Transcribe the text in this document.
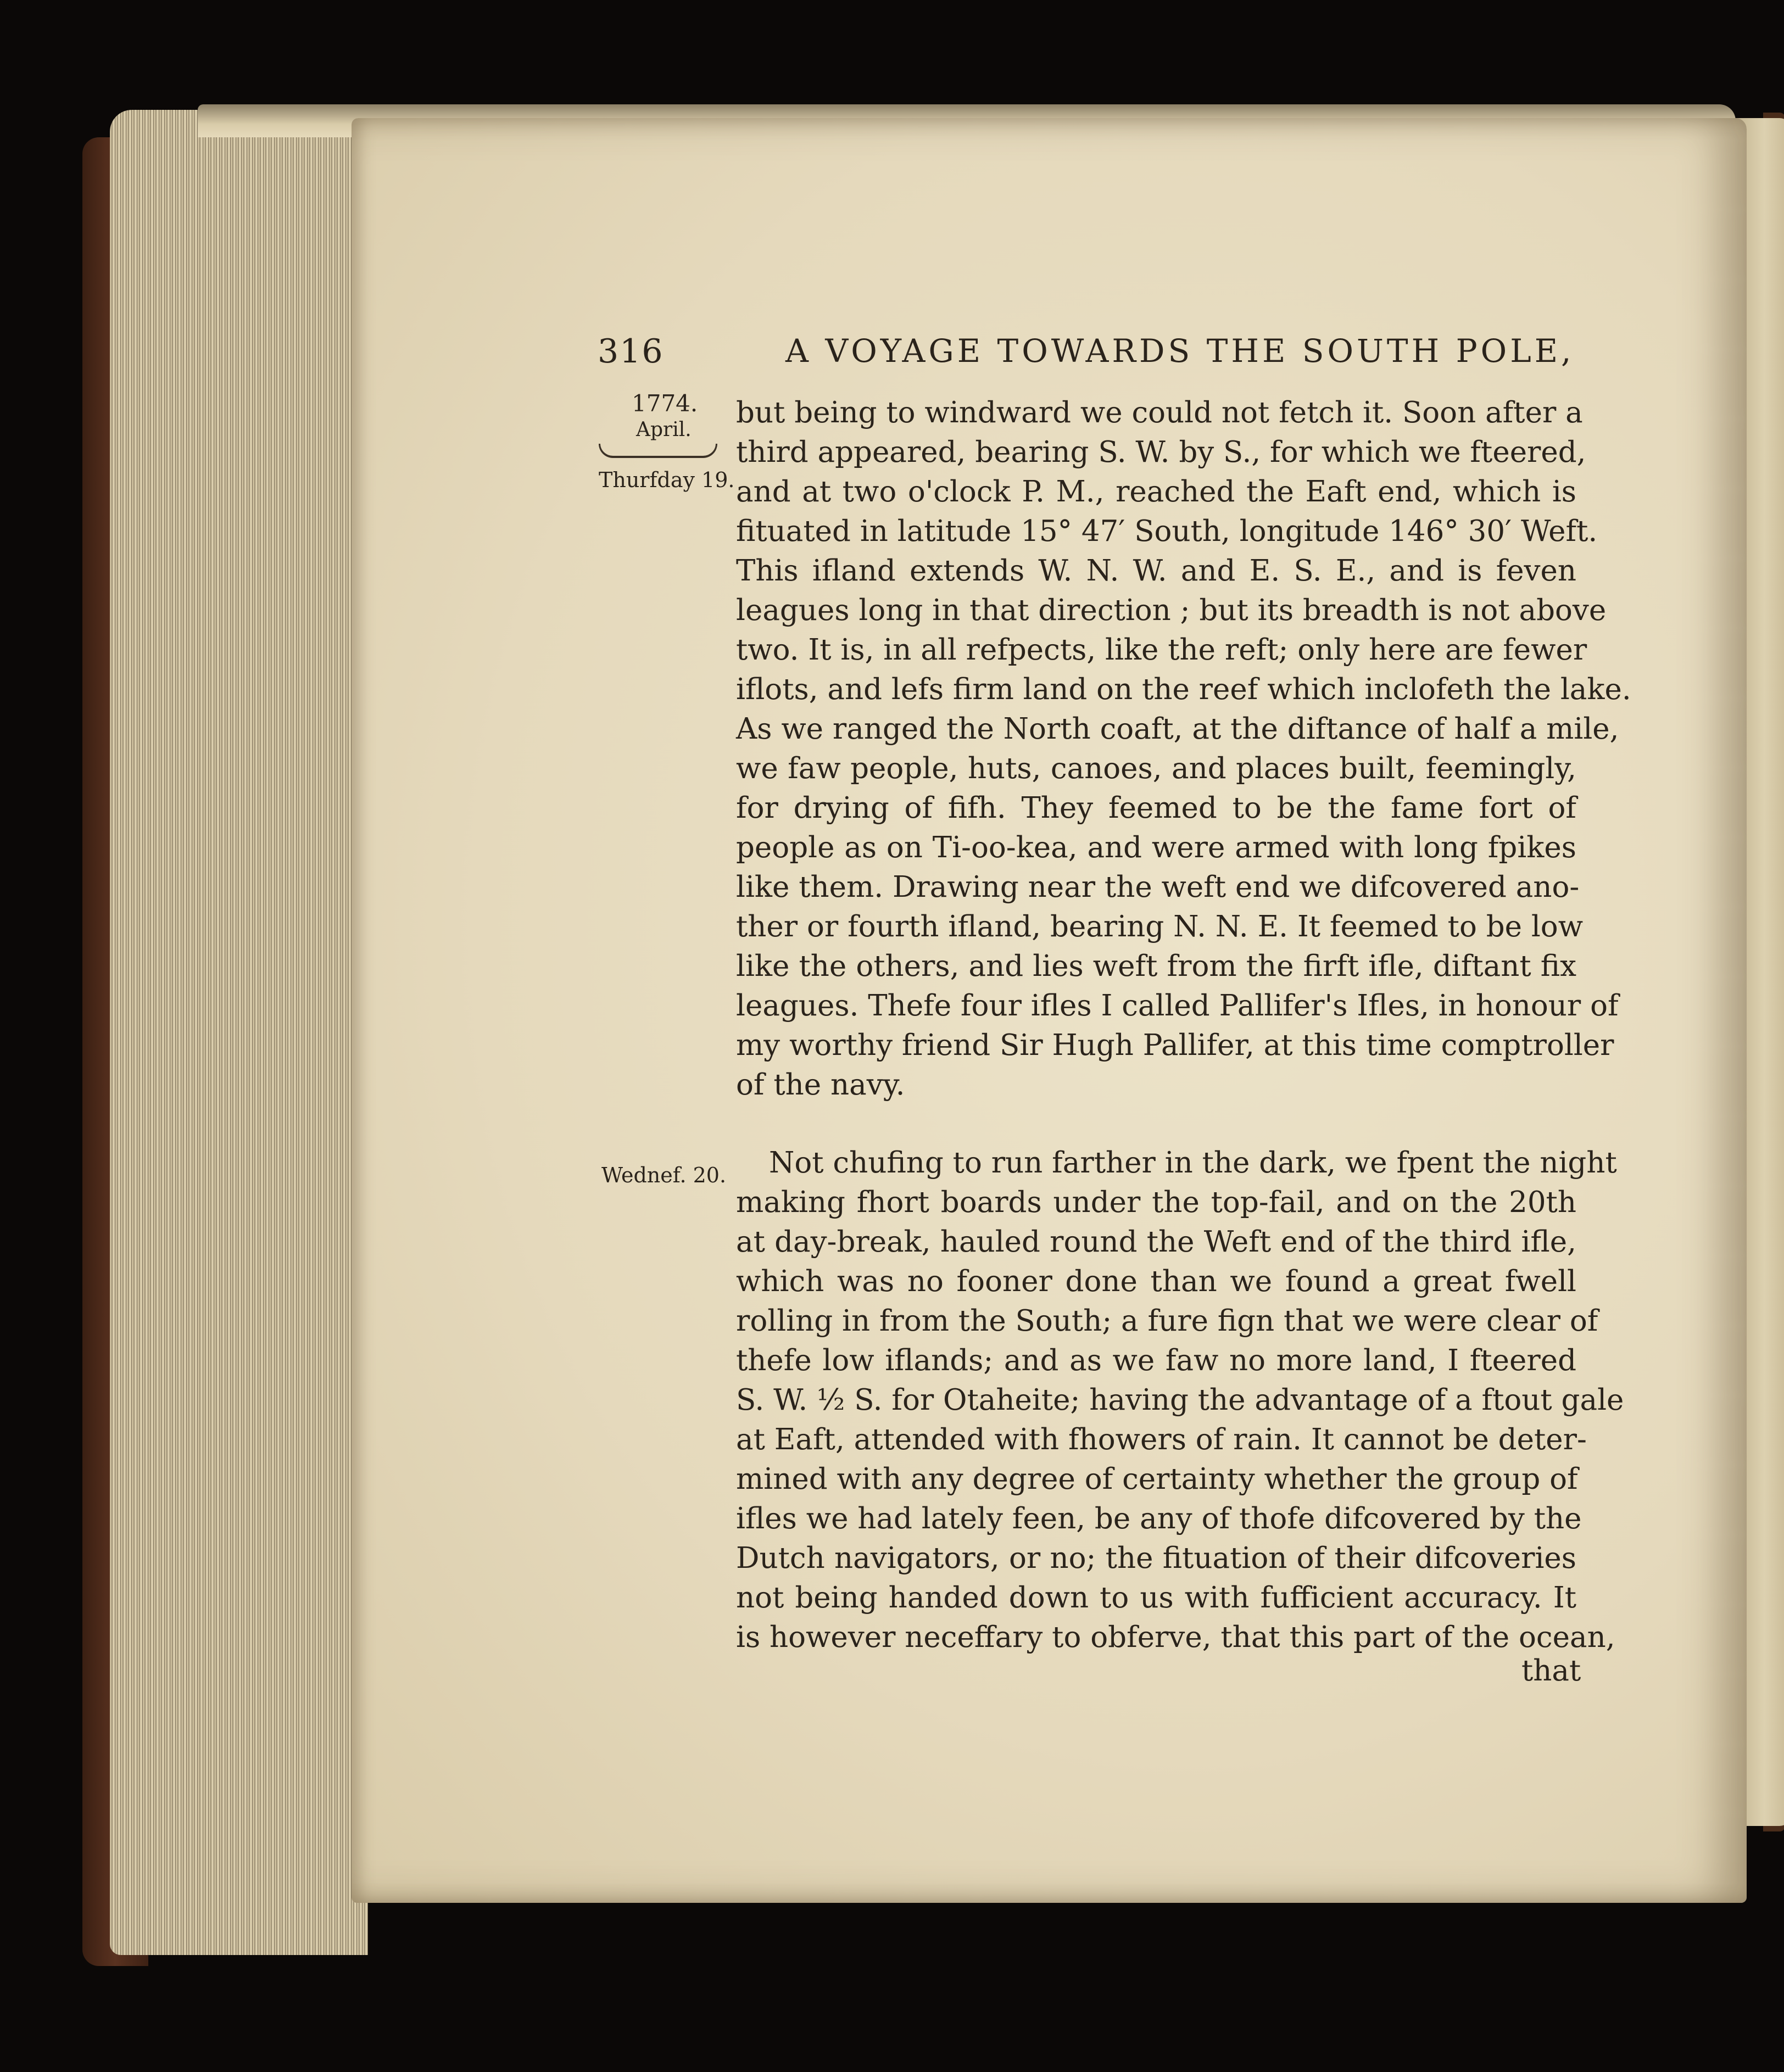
316	A VOYAGE TOWARDS THE SOUTH POLE,
1774.
April.
Thurfday 19.
Wednef. 20.
but being to windward we could not fetch it. Soon after a
third appeared, bearing S. W. by S., for which we fteered,
and at two o'clock P. M., reached the Eaft end, which is
fituated in latitude 15° 47′ South, longitude 146° 30′ Weft.
This ifland extends W. N. W. and E. S. E., and is feven
leagues long in that direction ; but its breadth is not above
two. It is, in all refpects, like the reft; only here are fewer
iflots, and lefs firm land on the reef which inclofeth the lake.
As we ranged the North coaft, at the diftance of half a mile,
we faw people, huts, canoes, and places built, feemingly,
for drying of fifh. They feemed to be the fame fort of
people as on Ti-oo-kea, and were armed with long fpikes
like them. Drawing near the weft end we difcovered ano-
ther or fourth ifland, bearing N. N. E. It feemed to be low
like the others, and lies weft from the firft ifle, diftant fix
leagues. Thefe four ifles I called Pallifer's Ifles, in honour of
my worthy friend Sir Hugh Pallifer, at this time comptroller
of the navy.
Not chufing to run farther in the dark, we fpent the night
making fhort boards under the top-fail, and on the 20th
at day-break, hauled round the Weft end of the third ifle,
which was no fooner done than we found a great fwell
rolling in from the South; a fure fign that we were clear of
thefe low iflands; and as we faw no more land, I fteered
S. W. ½ S. for Otaheite; having the advantage of a ftout gale
at Eaft, attended with fhowers of rain. It cannot be deter-
mined with any degree of certainty whether the group of
ifles we had lately feen, be any of thofe difcovered by the
Dutch navigators, or no; the fituation of their difcoveries
not being handed down to us with fufficient accuracy. It
is however neceffary to obferve, that this part of the ocean,
that
